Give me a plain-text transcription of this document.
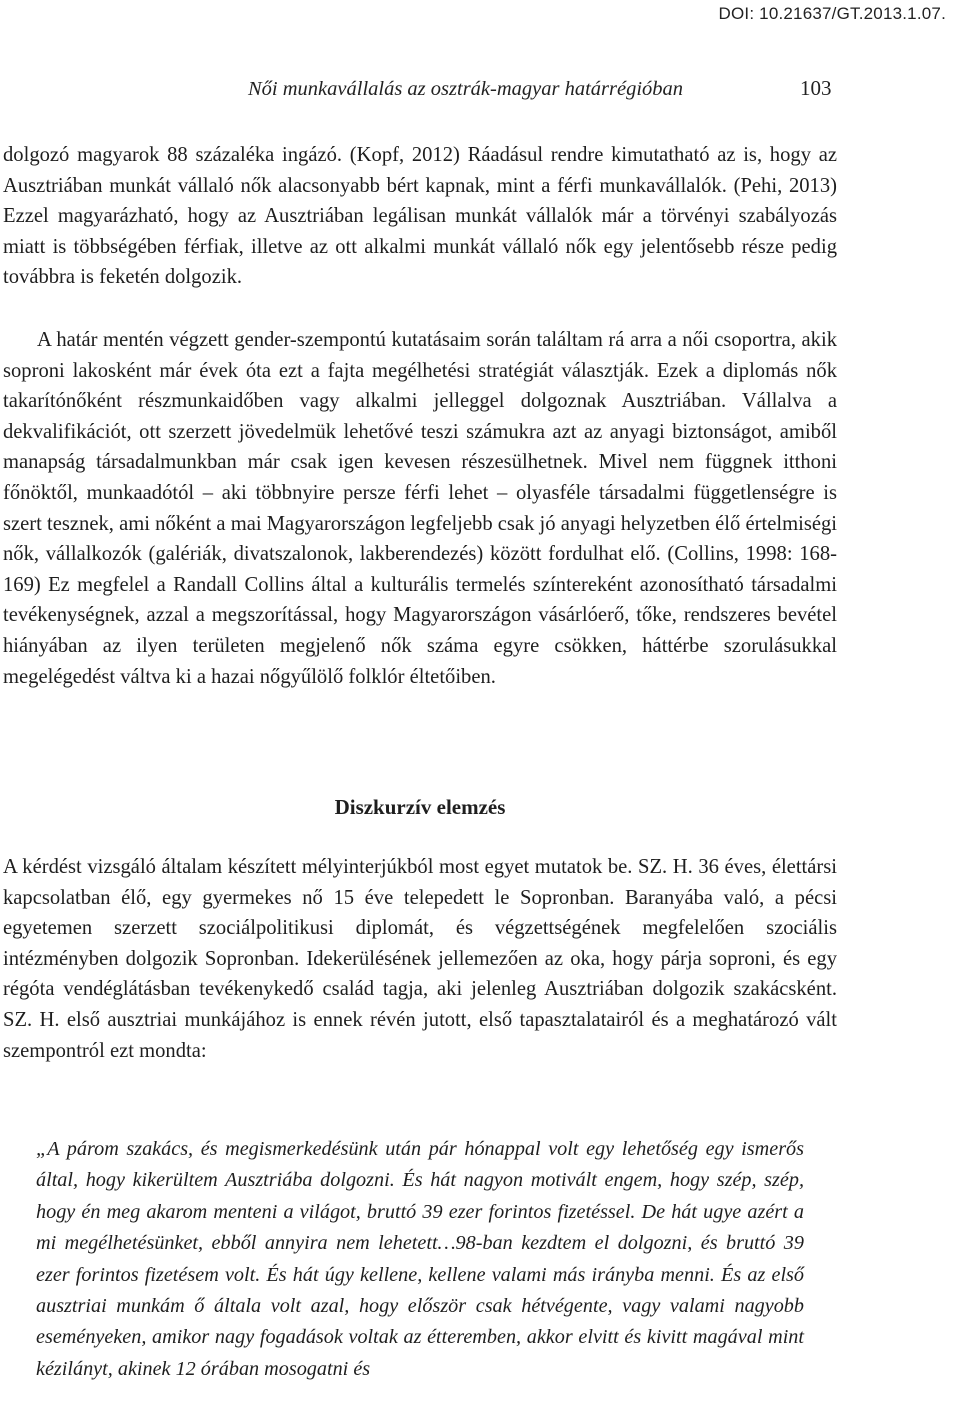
DOI: 10.21637/GT.2013.1.07.
Női munkavállalás az osztrák-magyar határrégióban	103

dolgozó magyarok 88 százaléka ingázó. (Kopf, 2012) Ráadásul rendre kimutatható az is, hogy az Ausztriában munkát vállaló nők alacsonyabb bért kapnak, mint a férfi munkavállalók. (Pehi, 2013) Ezzel magyarázható, hogy az Ausztriában legálisan munkát vállalók már a törvényi szabályozás miatt is többségében férfiak, illetve az ott alkalmi munkát vállaló nők egy jelentősebb része pedig továbbra is feketén dolgozik.

A határ mentén végzett gender-szempontú kutatásaim során találtam rá arra a női csoportra, akik soproni lakosként már évek óta ezt a fajta megélhetési stratégiát választják. Ezek a diplomás nők takarítónőként részmunkaidőben vagy alkalmi jelleggel dolgoznak Ausztriában. Vállalva a dekvalifikációt, ott szerzett jövedelmük lehetővé teszi számukra azt az anyagi biztonságot, amiből manapság társadalmunkban már csak igen kevesen részesülhetnek. Mivel nem függnek itthoni főnöktől, munkaadótól – aki többnyire persze férfi lehet – olyasféle társadalmi függetlenségre is szert tesznek, ami nőként a mai Magyarországon legfeljebb csak jó anyagi helyzetben élő értelmiségi nők, vállalkozók (galériák, divatszalonok, lakberendezés) között fordulhat elő. (Collins, 1998: 168-169) Ez megfelel a Randall Collins által a kulturális termelés színtereként azonosítható társadalmi tevékenységnek, azzal a megszorítással, hogy Magyarországon vásárlóerő, tőke, rendszeres bevétel hiányában az ilyen területen megjelenő nők száma egyre csökken, háttérbe szorulásukkal megelégedést váltva ki a hazai nőgyűlölő folklór éltetőiben.

Diszkurzív elemzés

A kérdést vizsgáló általam készített mélyinterjúkból most egyet mutatok be. SZ. H. 36 éves, élettársi kapcsolatban élő, egy gyermekes nő 15 éve telepedett le Sopronban. Baranyába való, a pécsi egyetemen szerzett szociálpolitikusi diplomát, és végzettségének megfelelően szociális intézményben dolgozik Sopronban. Idekerülésének jellemezően az oka, hogy párja soproni, és egy régóta vendéglátásban tevékenykedő család tagja, aki jelenleg Ausztriában dolgozik szakácsként. SZ. H. első ausztriai munkájához is ennek révén jutott, első tapasztalatairól és a meghatározó vált szempontról ezt mondta:

„A párom szakács, és megismerkedésünk után pár hónappal volt egy lehetőség egy ismerős által, hogy kikerültem Ausztriába dolgozni. És hát nagyon motivált engem, hogy szép, szép, hogy én meg akarom menteni a világot, bruttó 39 ezer forintos fizetéssel. De hát ugye azért a mi megélhetésünket, ebből annyira nem lehetett…98-ban kezdtem el dolgozni, és bruttó 39 ezer forintos fizetésem volt. És hát úgy kellene, kellene valami más irányba menni. És az első ausztriai munkám ő általa volt azal, hogy először csak hétvégente, vagy valami nagyobb eseményeken, amikor nagy fogadások voltak az étteremben, akkor elvitt és kivitt magával mint kézilányt, akinek 12 órában mosogatni és
